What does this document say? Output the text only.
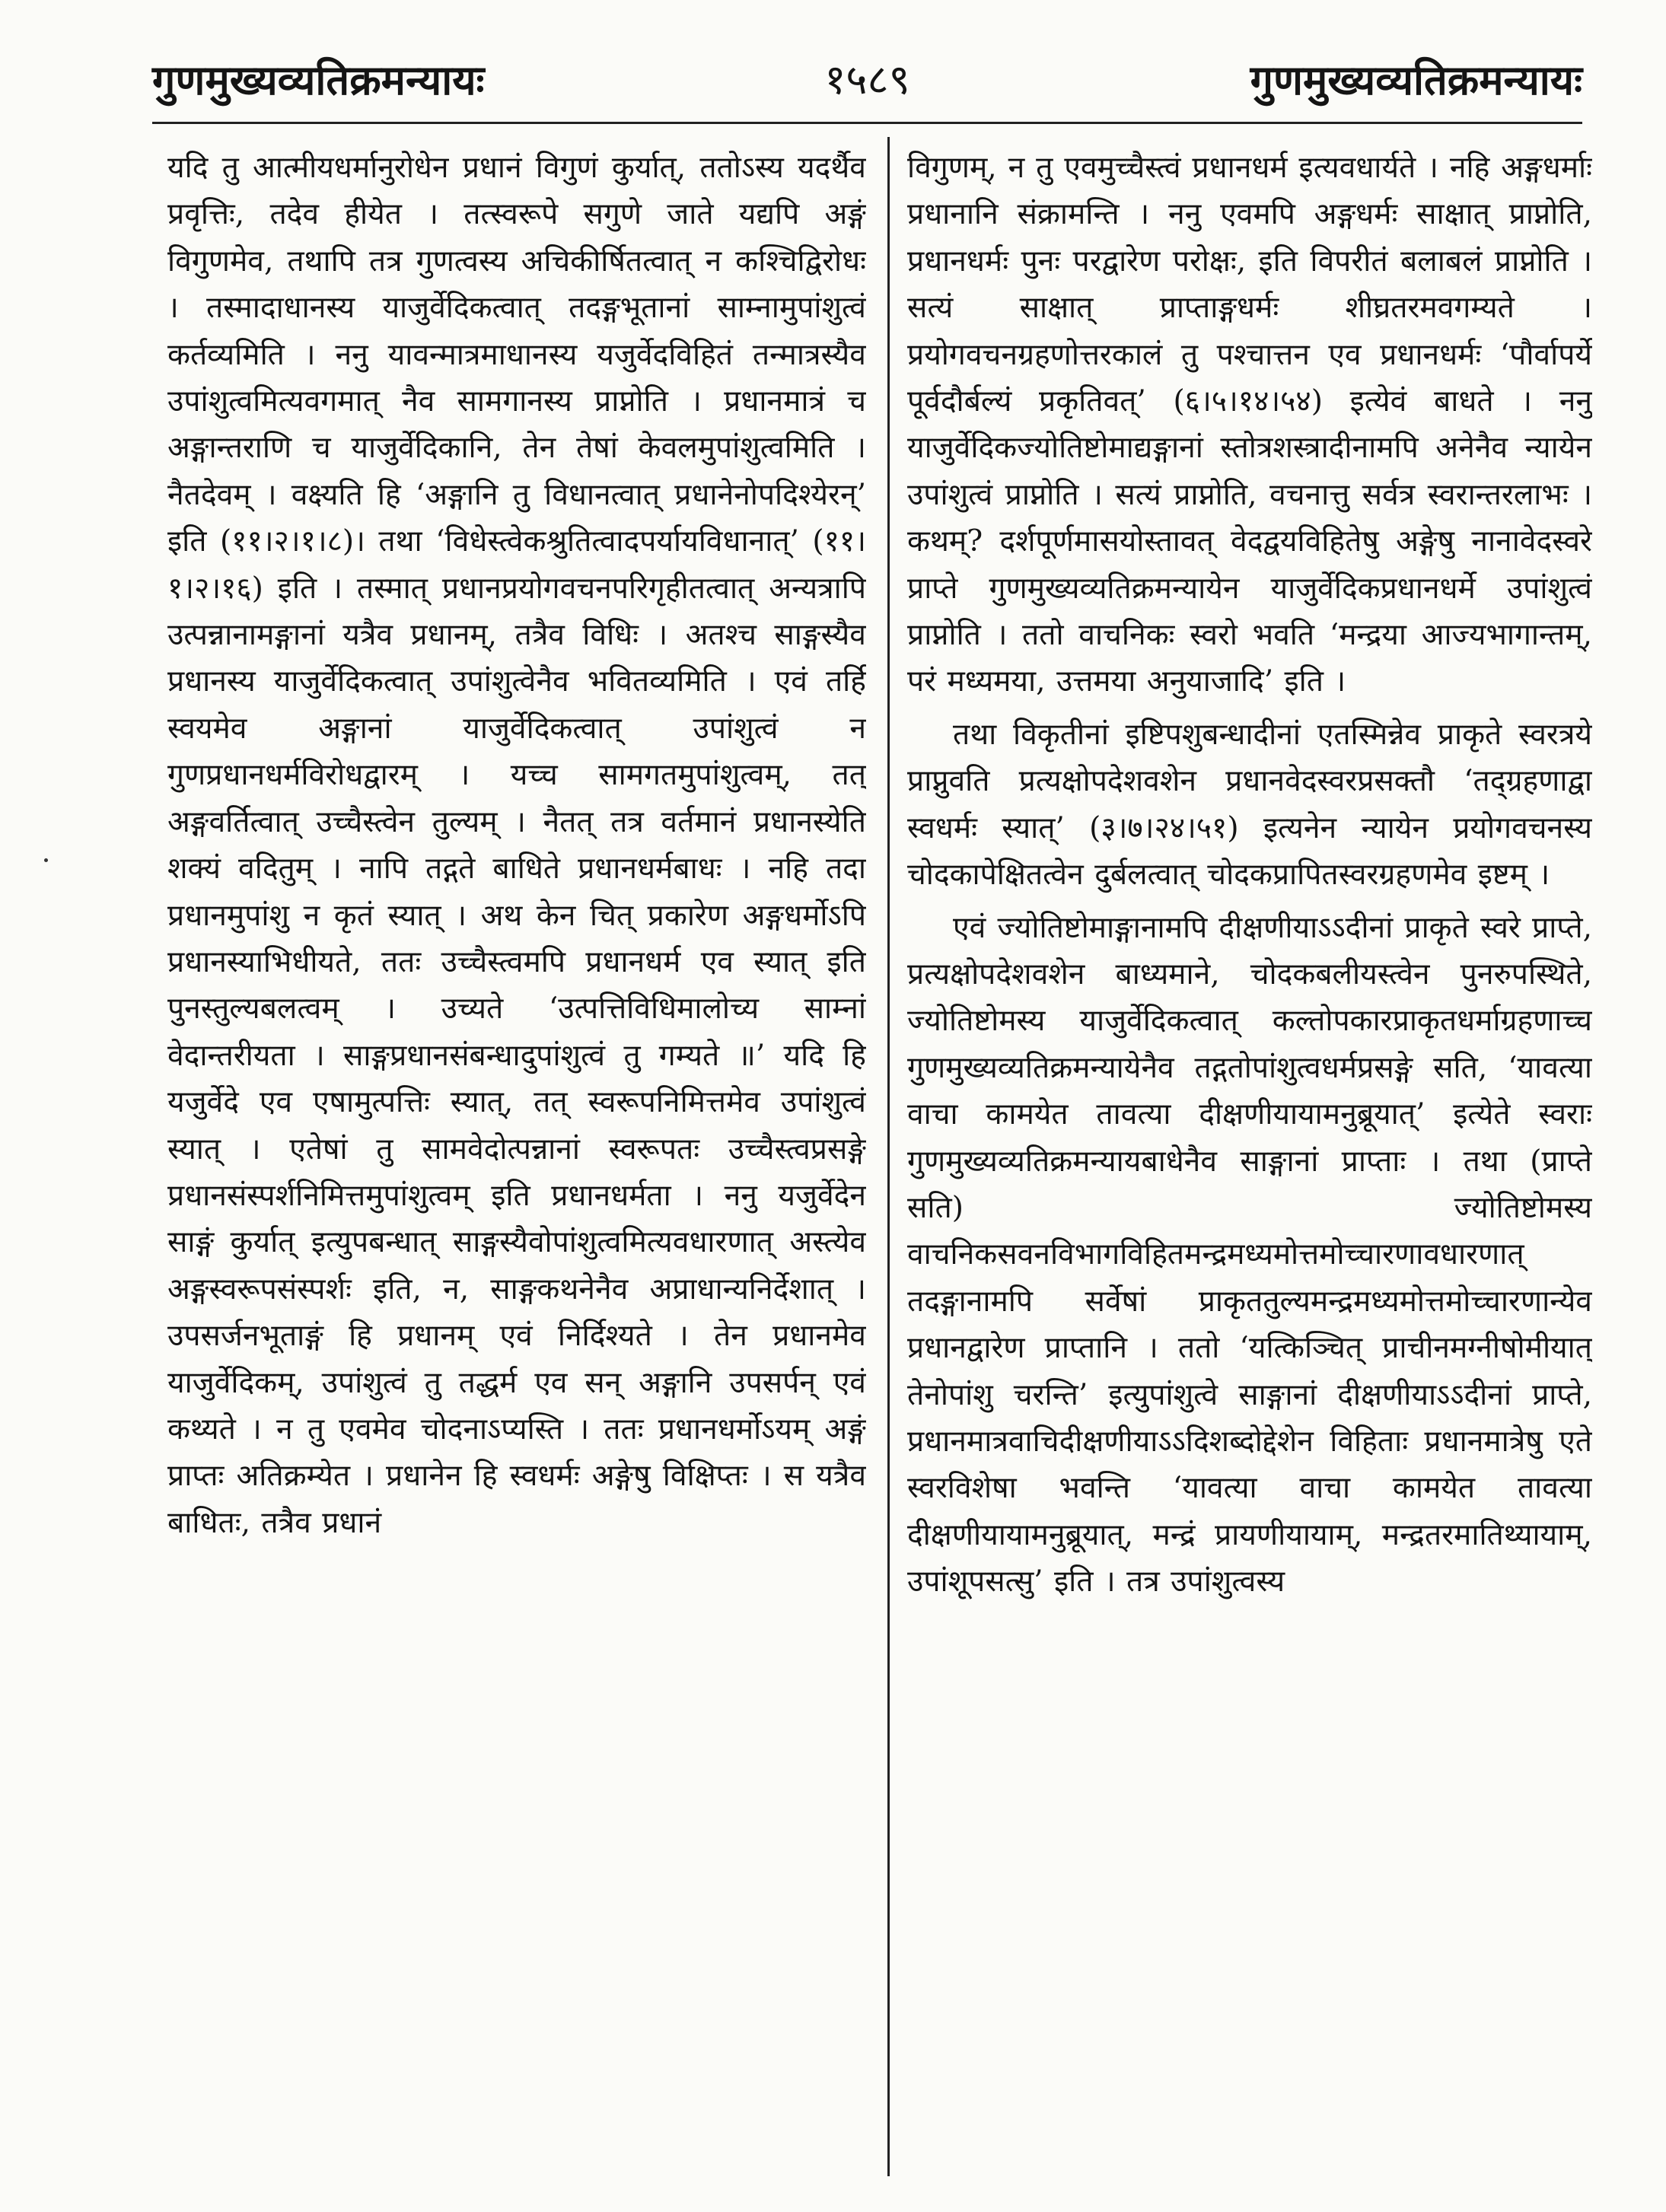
१५८९
गुणमुख्यव्यतिक्रमन्यायः	गुणमुख्यव्यतिक्रमन्यायः

यदि तु आत्मीयधर्मानुरोधेन प्रधानं विगुणं कुर्यात्, ततोऽस्य यदर्थैव प्रवृत्तिः, तदेव हीयेत । तत्स्वरूपे सगुणे जाते यद्यपि अङ्गं विगुणमेव, तथापि तत्र गुणत्वस्य अचिकीर्षितत्वात् न कश्चिद्विरोधः । तस्मादाधानस्य याजुर्वेदिकत्वात् तदङ्गभूतानां साम्नामुपांशुत्वं कर्तव्यमिति । ननु यावन्मात्रमाधानस्य यजुर्वेदविहितं तन्मात्रस्यैव उपांशुत्वमित्यवगमात् नैव सामगानस्य प्राप्नोति । प्रधानमात्रं च अङ्गान्तराणि च याजुर्वेदिकानि, तेन तेषां केवलमुपांशुत्वमिति । नैतदेवम् । वक्ष्यति हि ‘अङ्गानि तु विधानत्वात् प्रधानेनोपदिश्येरन्’ इति (११।२।१।८)। तथा ‘विधेस्त्वेकश्रुतित्वादपर्यायविधानात्’ (११।१।२।१६) इति । तस्मात् प्रधानप्रयोगवचनपरिगृहीतत्वात् अन्यत्रापि उत्पन्नानामङ्गानां यत्रैव प्रधानम्, तत्रैव विधिः । अतश्च साङ्गस्यैव प्रधानस्य याजुर्वेदिकत्वात् उपांशुत्वेनैव भवितव्यमिति । एवं तर्हि स्वयमेव अङ्गानां याजुर्वेदिकत्वात् उपांशुत्वं न गुणप्रधानधर्मविरोधद्वारम् । यच्च सामगतमुपांशुत्वम्, तत् अङ्गवर्तित्वात् उच्चैस्त्वेन तुल्यम् । नैतत् तत्र वर्तमानं प्रधानस्येति शक्यं वदितुम् । नापि तद्गते बाधिते प्रधानधर्मबाधः । नहि तदा प्रधानमुपांशु न कृतं स्यात् । अथ केन चित् प्रकारेण अङ्गधर्मोऽपि प्रधानस्याभिधीयते, ततः उच्चैस्त्वमपि प्रधानधर्म एव स्यात् इति पुनस्तुल्यबलत्वम् । उच्यते ‘उत्पत्तिविधिमालोच्य साम्नां वेदान्तरीयता । साङ्गप्रधानसंबन्धादुपांशुत्वं तु गम्यते ॥’ यदि हि यजुर्वेदे एव एषामुत्पत्तिः स्यात्, तत् स्वरूपनिमित्तमेव उपांशुत्वं स्यात् । एतेषां तु सामवेदोत्पन्नानां स्वरूपतः उच्चैस्त्वप्रसङ्गे प्रधानसंस्पर्शनिमित्तमुपांशुत्वम् इति प्रधानधर्मता । ननु यजुर्वेदेन साङ्गं कुर्यात् इत्युपबन्धात् साङ्गस्यैवोपांशुत्वमित्यवधारणात् अस्त्येव अङ्गस्वरूपसंस्पर्शः इति, न, साङ्गकथनेनैव अप्राधान्यनिर्देशात् । उपसर्जनभूताङ्गं हि प्रधानम् एवं निर्दिश्यते । तेन प्रधानमेव याजुर्वेदिकम्, उपांशुत्वं तु तद्धर्म एव सन् अङ्गानि उपसर्पन् एवं कथ्यते । न तु एवमेव चोदनाऽप्यस्ति । ततः प्रधानधर्मोऽयम् अङ्गं प्राप्तः अतिक्रम्येत । प्रधानेन हि स्वधर्मः अङ्गेषु विक्षिप्तः । स यत्रैव बाधितः, तत्रैव प्रधानं

विगुणम्, न तु एवमुच्चैस्त्वं प्रधानधर्म इत्यवधार्यते । नहि अङ्गधर्माः प्रधानानि संक्रामन्ति । ननु एवमपि अङ्गधर्मः साक्षात् प्राप्नोति, प्रधानधर्मः पुनः परद्वारेण परोक्षः, इति विपरीतं बलाबलं प्राप्नोति । सत्यं साक्षात् प्राप्ताङ्गधर्मः शीघ्रतरमवगम्यते । प्रयोगवचनग्रहणोत्तरकालं तु पश्चात्तन एव प्रधानधर्मः ‘पौर्वापर्ये पूर्वदौर्बल्यं प्रकृतिवत्’ (६।५।१४।५४) इत्येवं बाधते । ननु याजुर्वेदिकज्योतिष्टोमाद्यङ्गानां स्तोत्रशस्त्रादीनामपि अनेनैव न्यायेन उपांशुत्वं प्राप्नोति । सत्यं प्राप्नोति, वचनात्तु सर्वत्र स्वरान्तरलाभः । कथम्? दर्शपूर्णमासयोस्तावत् वेदद्वयविहितेषु अङ्गेषु नानावेदस्वरे प्राप्ते गुणमुख्यव्यतिक्रमन्यायेन याजुर्वेदिकप्रधानधर्मे उपांशुत्वं प्राप्नोति । ततो वाचनिकः स्वरो भवति ‘मन्द्रया आज्यभागान्तम्, परं मध्यमया, उत्तमया अनुयाजादि’ इति ।

तथा विकृतीनां इष्टिपशुबन्धादीनां एतस्मिन्नेव प्राकृते स्वरत्रये प्राप्नुवति प्रत्यक्षोपदेशवशेन प्रधानवेदस्वरप्रसक्तौ ‘तद्ग्रहणाद्वा स्वधर्मः स्यात्’ (३।७।२४।५१) इत्यनेन न्यायेन प्रयोगवचनस्य चोदकापेक्षितत्वेन दुर्बलत्वात् चोदकप्रापितस्वरग्रहणमेव इष्टम् ।

एवं ज्योतिष्टोमाङ्गानामपि दीक्षणीयाऽऽदीनां प्राकृते स्वरे प्राप्ते, प्रत्यक्षोपदेशवशेन बाध्यमाने, चोदकबलीयस्त्वेन पुनरुपस्थिते, ज्योतिष्टोमस्य याजुर्वेदिकत्वात् कल्तोपकारप्राकृतधर्माग्रहणाच्च गुणमुख्यव्यतिक्रमन्यायेनैव तद्गतोपांशुत्वधर्मप्रसङ्गे सति, ‘यावत्या वाचा कामयेत तावत्या दीक्षणीयायामनुब्रूयात्’ इत्येते स्वराः गुणमुख्यव्यतिक्रमन्यायबाधेनैव साङ्गानां प्राप्ताः । तथा (प्राप्ते सति) ज्योतिष्टोमस्य वाचनिकसवनविभागविहितमन्द्रमध्यमोत्तमोच्चारणावधारणात् तदङ्गानामपि सर्वेषां प्राकृततुल्यमन्द्रमध्यमोत्तमोच्चारणान्येव प्रधानद्वारेण प्राप्तानि । ततो ‘यत्किञ्चित् प्राचीनमग्नीषोमीयात् तेनोपांशु चरन्ति’ इत्युपांशुत्वे साङ्गानां दीक्षणीयाऽऽदीनां प्राप्ते, प्रधानमात्रवाचिदीक्षणीयाऽऽदिशब्दोद्देशेन विहिताः प्रधानमात्रेषु एते स्वरविशेषा भवन्ति ‘यावत्या वाचा कामयेत तावत्या दीक्षणीयायामनुब्रूयात्, मन्द्रं प्रायणीयायाम्, मन्द्रतरमातिथ्यायाम्, उपांशूपसत्सु’ इति । तत्र उपांशुत्वस्य
